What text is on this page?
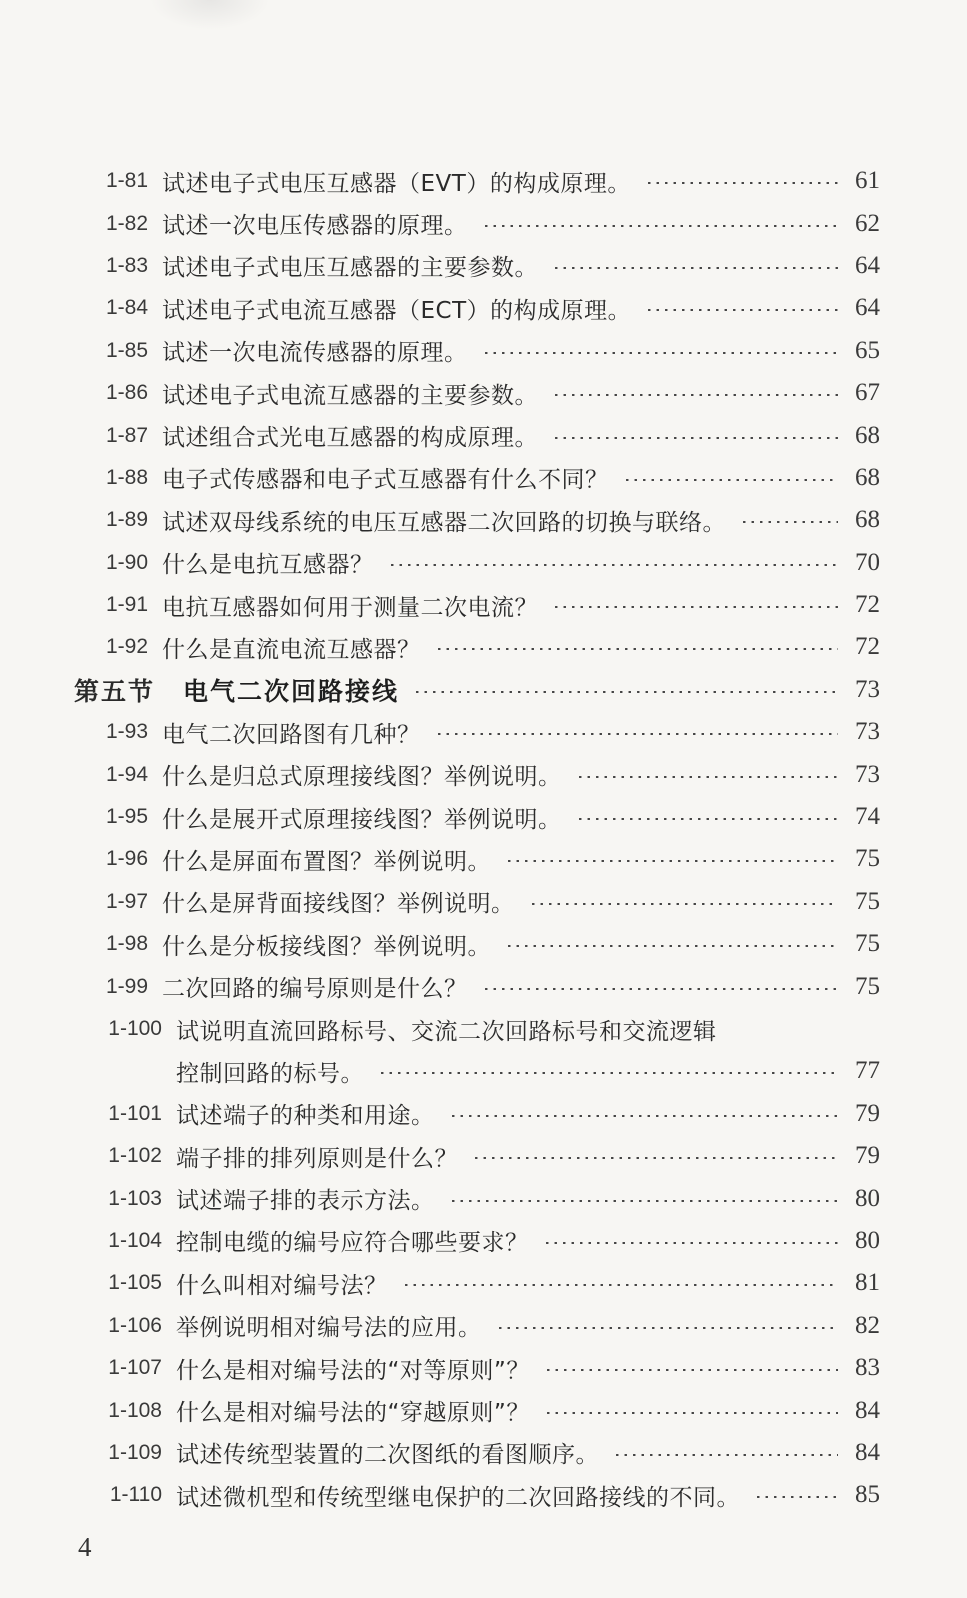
1-81 试述电子式电压互感器（EVT）的构成原理。	61
1-82 试述一次电压传感器的原理。	62
1-83 试述电子式电压互感器的主要参数。	64
1-84 试述电子式电流互感器（ECT）的构成原理。	64
1-85 试述一次电流传感器的原理。	65
1-86 试述电子式电流互感器的主要参数。	67
1-87 试述组合式光电互感器的构成原理。	68
1-88 电子式传感器和电子式互感器有什么不同？	68
1-89 试述双母线系统的电压互感器二次回路的切换与联络。	68
1-90 什么是电抗互感器？	70
1-91 电抗互感器如何用于测量二次电流？	72
1-92 什么是直流电流互感器？	72
第五节 电气二次回路接线	73
1-93 电气二次回路图有几种？	73
1-94 什么是归总式原理接线图？举例说明。	73
1-95 什么是展开式原理接线图？举例说明。	74
1-96 什么是屏面布置图？举例说明。	75
1-97 什么是屏背面接线图？举例说明。	75
1-98 什么是分板接线图？举例说明。	75
1-99 二次回路的编号原则是什么？	75
1-100 试说明直流回路标号、交流二次回路标号和交流逻辑
控制回路的标号。	77
1-101 试述端子的种类和用途。	79
1-102 端子排的排列原则是什么？	79
1-103 试述端子排的表示方法。	80
1-104 控制电缆的编号应符合哪些要求？	80
1-105 什么叫相对编号法？	81
1-106 举例说明相对编号法的应用。	82
1-107 什么是相对编号法的“对等原则”？	83
1-108 什么是相对编号法的“穿越原则”？	84
1-109 试述传统型装置的二次图纸的看图顺序。	84
1-110 试述微机型和传统型继电保护的二次回路接线的不同。	85
4
